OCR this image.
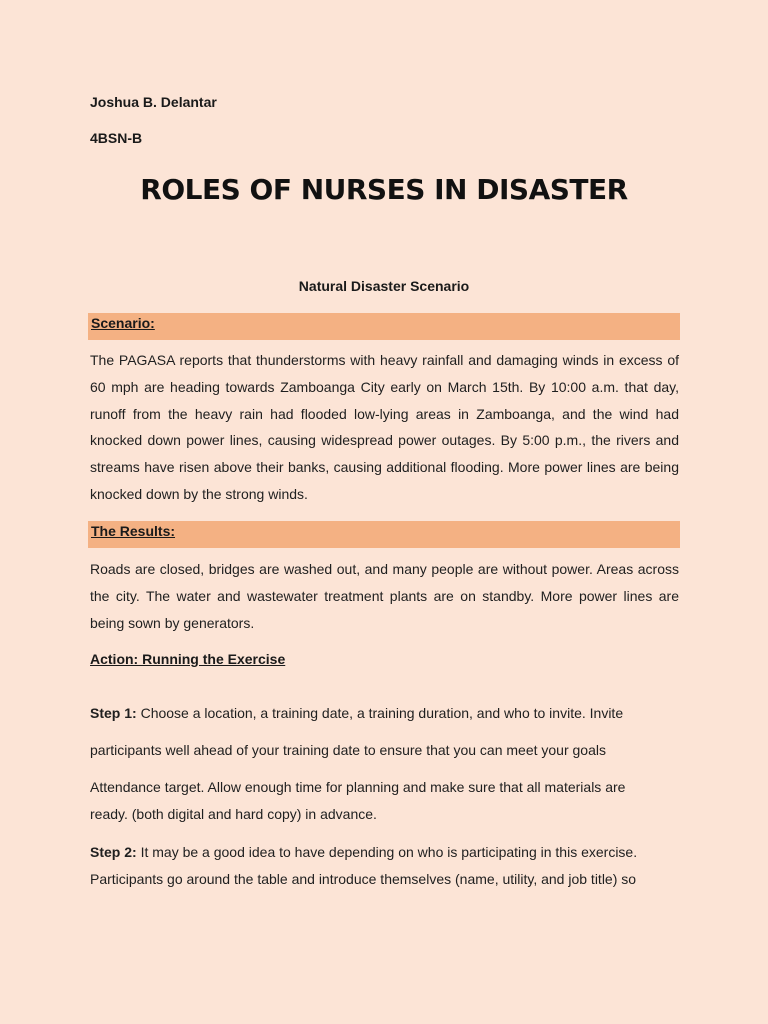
Joshua B. Delantar
4BSN-B
ROLES OF NURSES IN DISASTER
Natural Disaster Scenario
Scenario:
The PAGASA reports that thunderstorms with heavy rainfall and damaging winds in excess of 60 mph are heading towards Zamboanga City early on March 15th. By 10:00 a.m. that day, runoff from the heavy rain had flooded low-lying areas in Zamboanga, and the wind had knocked down power lines, causing widespread power outages. By 5:00 p.m., the rivers and streams have risen above their banks, causing additional flooding. More power lines are being knocked down by the strong winds.
The Results:
Roads are closed, bridges are washed out, and many people are without power. Areas across the city. The water and wastewater treatment plants are on standby. More power lines are being sown by generators.
Action: Running the Exercise
Step 1: Choose a location, a training date, a training duration, and who to invite. Invite
participants well ahead of your training date to ensure that you can meet your goals
Attendance target. Allow enough time for planning and make sure that all materials are
ready. (both digital and hard copy) in advance.
Step 2: It may be a good idea to have depending on who is participating in this exercise.
Participants go around the table and introduce themselves (name, utility, and job title) so
